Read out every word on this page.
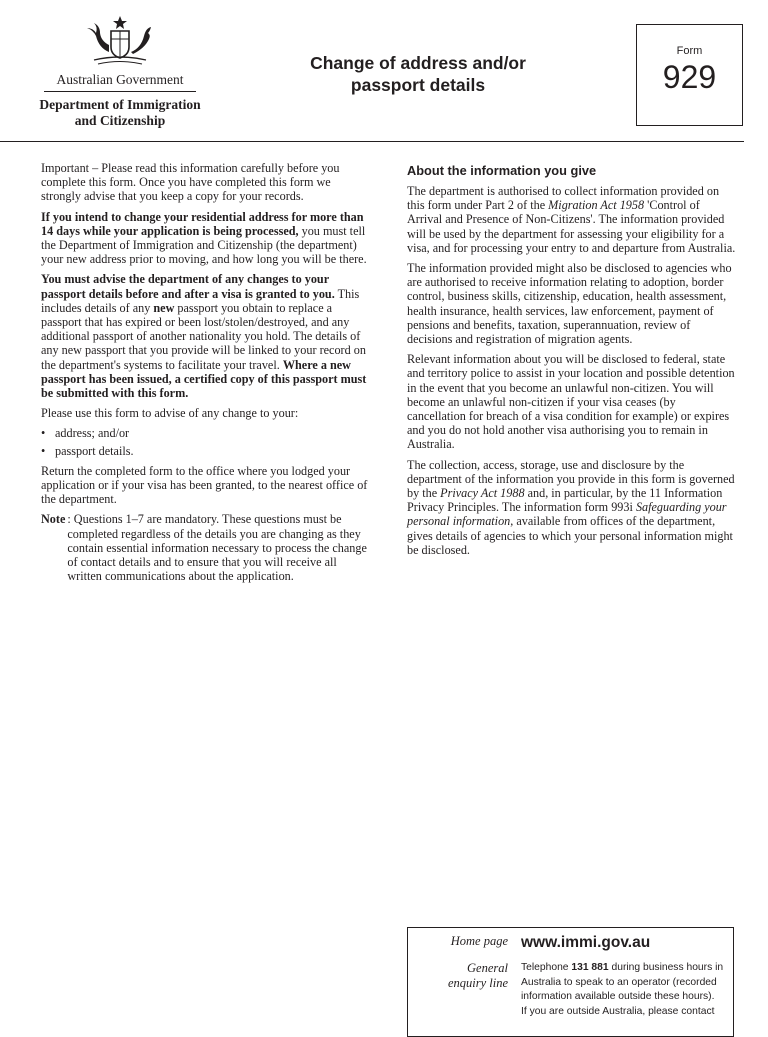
Australian Government
Department of Immigration
and Citizenship
Change of address and/or
passport details
Form
929

Important – Please read this information carefully before you complete this form. Once you have completed this form we strongly advise that you keep a copy for your records.

If you intend to change your residential address for more than 14 days while your application is being processed, you must tell the Department of Immigration and Citizenship (the department) your new address prior to moving, and how long you will be there.

You must advise the department of any changes to your passport details before and after a visa is granted to you. This includes details of any new passport you obtain to replace a passport that has expired or been lost/stolen/destroyed, and any additional passport of another nationality you hold. The details of any new passport that you provide will be linked to your record on the department's systems to facilitate your travel. Where a new passport has been issued, a certified copy of this passport must be submitted with this form.

Please use this form to advise of any change to your:

• address; and/or
• passport details.

Return the completed form to the office where you lodged your application or if your visa has been granted, to the nearest office of the department.

Note : Questions 1–7 are mandatory. These questions must be completed regardless of the details you are changing as they contain essential information necessary to process the change of contact details and to ensure that you will receive all written communications about the application.
About the information you give

The department is authorised to collect information provided on this form under Part 2 of the Migration Act 1958 'Control of Arrival and Presence of Non-Citizens'. The information provided will be used by the department for assessing your eligibility for a visa, and for processing your entry to and departure from Australia.

The information provided might also be disclosed to agencies who are authorised to receive information relating to adoption, border control, business skills, citizenship, education, health assessment, health insurance, health services, law enforcement, payment of pensions and benefits, taxation, superannuation, review of decisions and registration of migration agents.

Relevant information about you will be disclosed to federal, state and territory police to assist in your location and possible detention in the event that you become an unlawful non-citizen. You will become an unlawful non-citizen if your visa ceases (by cancellation for breach of a visa condition for example) or expires and you do not hold another visa authorising you to remain in Australia.

The collection, access, storage, use and disclosure by the department of the information you provide in this form is governed by the Privacy Act 1988 and, in particular, by the 11 Information Privacy Principles. The information form 993i Safeguarding your personal information, available from offices of the department, gives details of agencies to which your personal information might be disclosed.

Home page www.immi.gov.au
General
enquiry line
Telephone 131 881 during business hours in Australia to speak to an operator (recorded information available outside these hours).
If you are outside Australia, please contact
